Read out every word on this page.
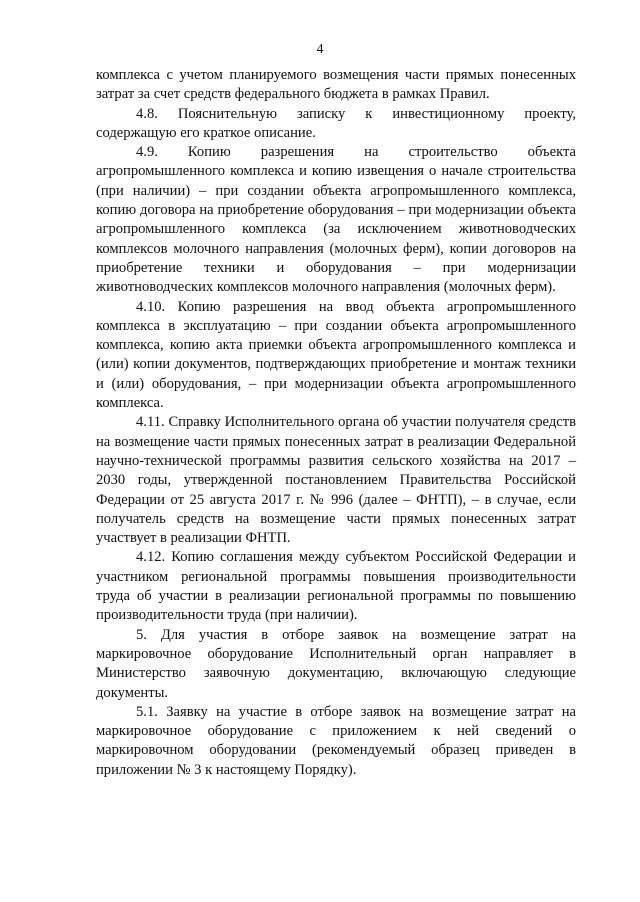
4

комплекса с учетом планируемого возмещения части прямых понесенных затрат за счет средств федерального бюджета в рамках Правил.

4.8. Пояснительную записку к инвестиционному проекту, содержащую его краткое описание.

4.9. Копию разрешения на строительство объекта агропромышленного комплекса и копию извещения о начале строительства (при наличии) – при создании объекта агропромышленного комплекса, копию договора на приобретение оборудования – при модернизации объекта агропромышленного комплекса (за исключением животноводческих комплексов молочного направления (молочных ферм), копии договоров на приобретение техники и оборудования – при модернизации животноводческих комплексов молочного направления (молочных ферм).

4.10. Копию разрешения на ввод объекта агропромышленного комплекса в эксплуатацию – при создании объекта агропромышленного комплекса, копию акта приемки объекта агропромышленного комплекса и (или) копии документов, подтверждающих приобретение и монтаж техники и (или) оборудования, – при модернизации объекта агропромышленного комплекса.

4.11. Справку Исполнительного органа об участии получателя средств на возмещение части прямых понесенных затрат в реализации Федеральной научно-технической программы развития сельского хозяйства на 2017 – 2030 годы, утвержденной постановлением Правительства Российской Федерации от 25 августа 2017 г. № 996 (далее – ФНТП), – в случае, если получатель средств на возмещение части прямых понесенных затрат участвует в реализации ФНТП.

4.12. Копию соглашения между субъектом Российской Федерации и участником региональной программы повышения производительности труда об участии в реализации региональной программы по повышению производительности труда (при наличии).

5. Для участия в отборе заявок на возмещение затрат на маркировочное оборудование Исполнительный орган направляет в Министерство заявочную документацию, включающую следующие документы.

5.1. Заявку на участие в отборе заявок на возмещение затрат на маркировочное оборудование с приложением к ней сведений о маркировочном оборудовании (рекомендуемый образец приведен в приложении № 3 к настоящему Порядку).
